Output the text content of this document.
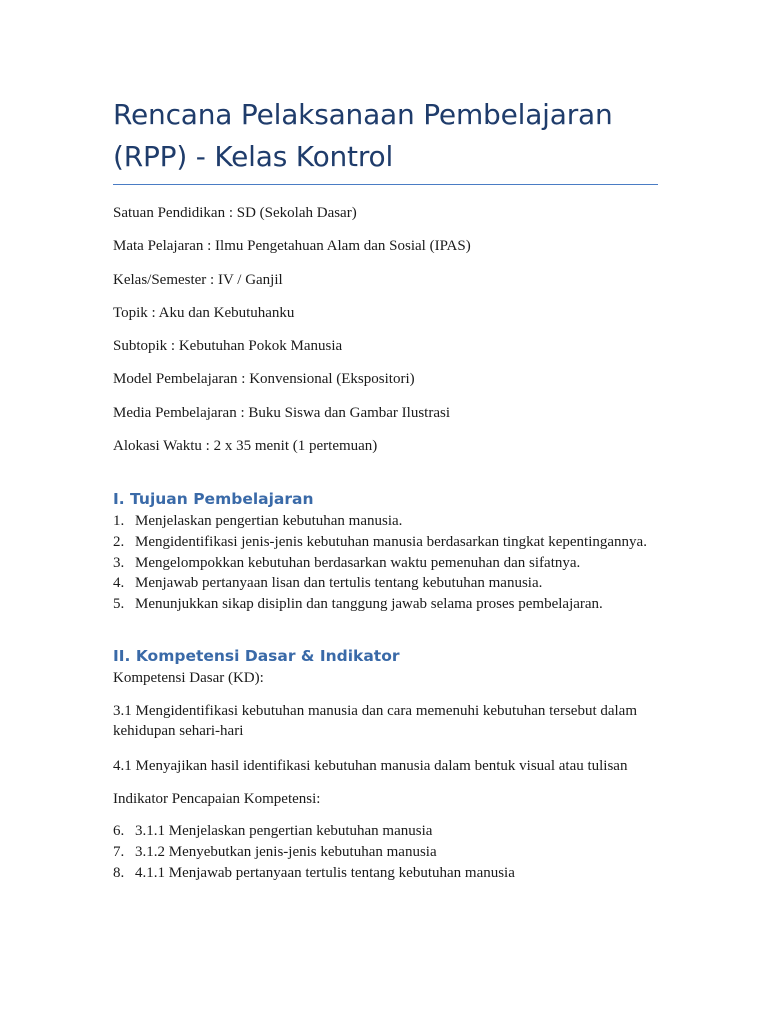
Rencana Pelaksanaan Pembelajaran (RPP) - Kelas Kontrol
Satuan Pendidikan : SD (Sekolah Dasar)
Mata Pelajaran : Ilmu Pengetahuan Alam dan Sosial (IPAS)
Kelas/Semester : IV / Ganjil
Topik : Aku dan Kebutuhanku
Subtopik : Kebutuhan Pokok Manusia
Model Pembelajaran : Konvensional (Ekspositori)
Media Pembelajaran : Buku Siswa dan Gambar Ilustrasi
Alokasi Waktu : 2 x 35 menit (1 pertemuan)
I. Tujuan Pembelajaran
1. Menjelaskan pengertian kebutuhan manusia.
2. Mengidentifikasi jenis-jenis kebutuhan manusia berdasarkan tingkat kepentingannya.
3. Mengelompokkan kebutuhan berdasarkan waktu pemenuhan dan sifatnya.
4. Menjawab pertanyaan lisan dan tertulis tentang kebutuhan manusia.
5. Menunjukkan sikap disiplin dan tanggung jawab selama proses pembelajaran.
II. Kompetensi Dasar & Indikator

Kompetensi Dasar (KD):

3.1 Mengidentifikasi kebutuhan manusia dan cara memenuhi kebutuhan tersebut dalam kehidupan sehari-hari

4.1 Menyajikan hasil identifikasi kebutuhan manusia dalam bentuk visual atau tulisan

Indikator Pencapaian Kompetensi:

6. 3.1.1 Menjelaskan pengertian kebutuhan manusia
7. 3.1.2 Menyebutkan jenis-jenis kebutuhan manusia
8. 4.1.1 Menjawab pertanyaan tertulis tentang kebutuhan manusia
